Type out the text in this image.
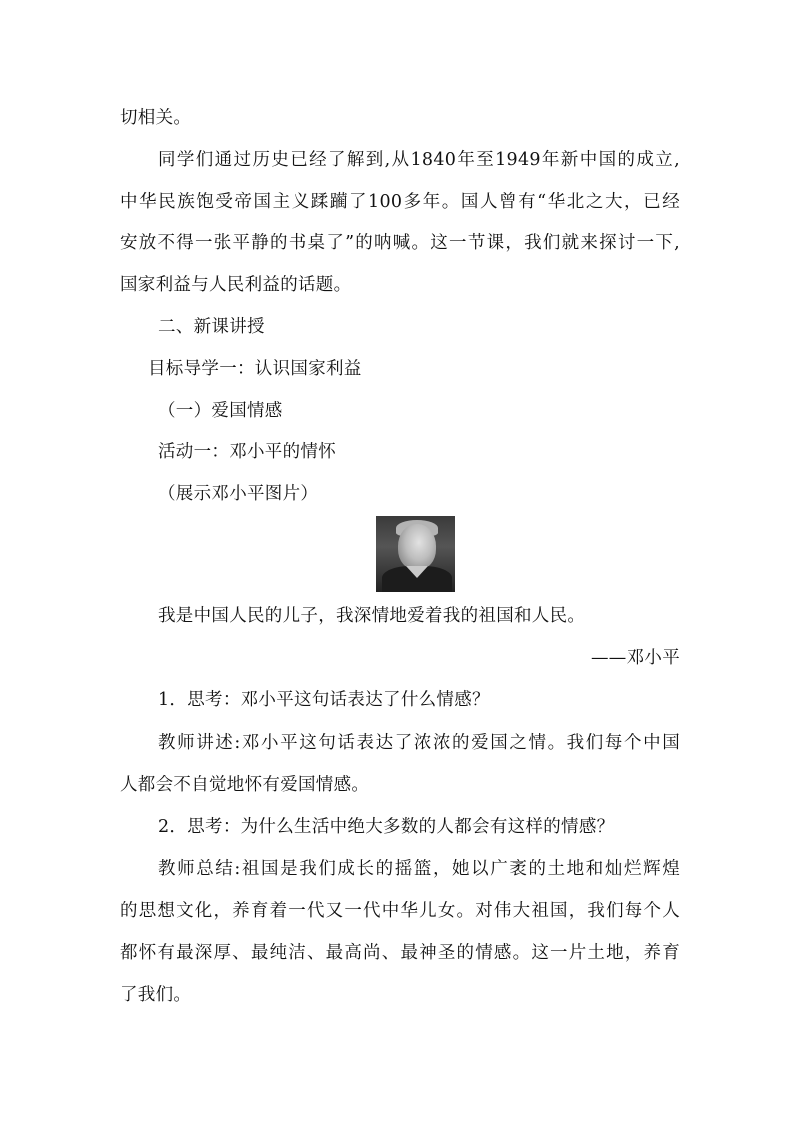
切相关。
同学们通过历史已经了解到,从1840年至1949年新中国的成立,
中华民族饱受帝国主义蹂躏了100多年。国人曾有“华北之大，已经
安放不得一张平静的书桌了”的呐喊。这一节课，我们就来探讨一下,
国家利益与人民利益的话题。
二、新课讲授
目标导学一：认识国家利益
（一）爱国情感
活动一：邓小平的情怀
（展示邓小平图片）
我是中国人民的儿子，我深情地爱着我的祖国和人民。
——邓小平
1．思考：邓小平这句话表达了什么情感？
教师讲述:邓小平这句话表达了浓浓的爱国之情。我们每个中国
人都会不自觉地怀有爱国情感。
2．思考：为什么生活中绝大多数的人都会有这样的情感？
教师总结:祖国是我们成长的摇篮，她以广袤的土地和灿烂辉煌
的思想文化，养育着一代又一代中华儿女。对伟大祖国，我们每个人
都怀有最深厚、最纯洁、最高尚、最神圣的情感。这一片土地，养育
了我们。
